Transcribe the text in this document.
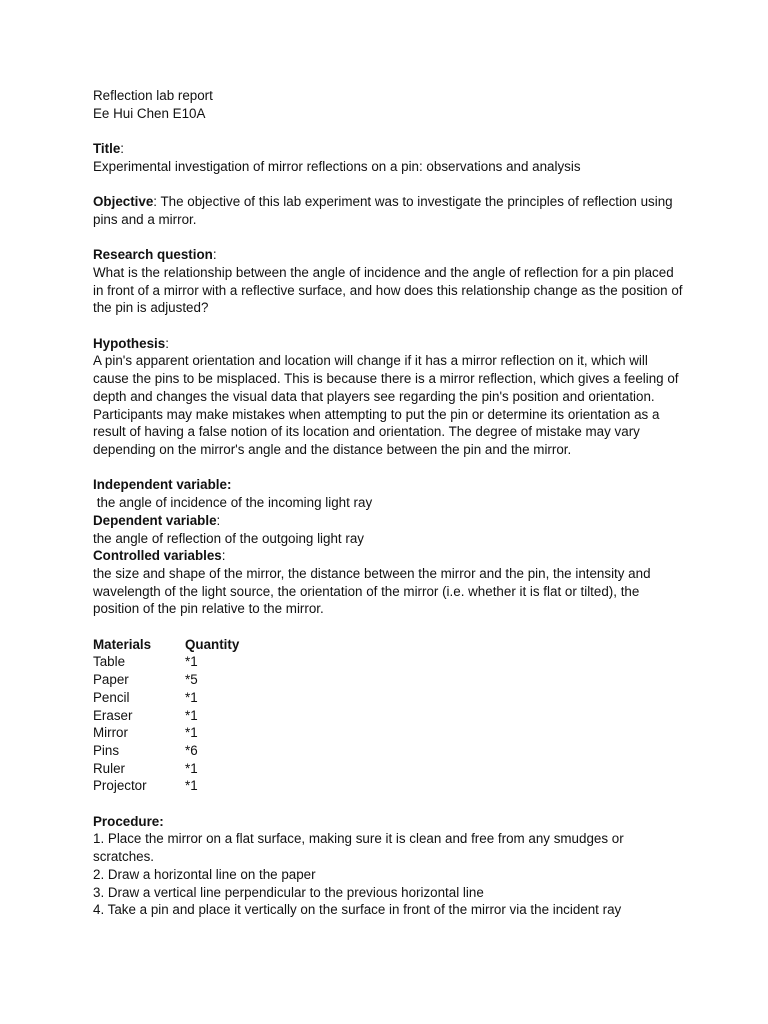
Reflection lab report

Ee Hui Chen E10A

Title:

Experimental investigation of mirror reflections on a pin: observations and analysis

Objective: The objective of this lab experiment was to investigate the principles of reflection using pins and a mirror.

Research question:

What is the relationship between the angle of incidence and the angle of reflection for a pin placed in front of a mirror with a reflective surface, and how does this relationship change as the position of the pin is adjusted?

Hypothesis:

A pin's apparent orientation and location will change if it has a mirror reflection on it, which will cause the pins to be misplaced. This is because there is a mirror reflection, which gives a feeling of depth and changes the visual data that players see regarding the pin's position and orientation. Participants may make mistakes when attempting to put the pin or determine its orientation as a result of having a false notion of its location and orientation. The degree of mistake may vary depending on the mirror's angle and the distance between the pin and the mirror.

Independent variable:

the angle of incidence of the incoming light ray

Dependent variable:

the angle of reflection of the outgoing light ray

Controlled variables:

the size and shape of the mirror, the distance between the mirror and the pin, the intensity and wavelength of the light source, the orientation of the mirror (i.e. whether it is flat or tilted), the position of the pin relative to the mirror.

Materials	Quantity
Table	*1
Paper	*5
Pencil	*1
Eraser	*1
Mirror	*1
Pins	*6
Ruler	*1
Projector	*1

Procedure:

1. Place the mirror on a flat surface, making sure it is clean and free from any smudges or scratches.

2. Draw a horizontal line on the paper

3. Draw a vertical line perpendicular to the previous horizontal line

4. Take a pin and place it vertically on the surface in front of the mirror via the incident ray
